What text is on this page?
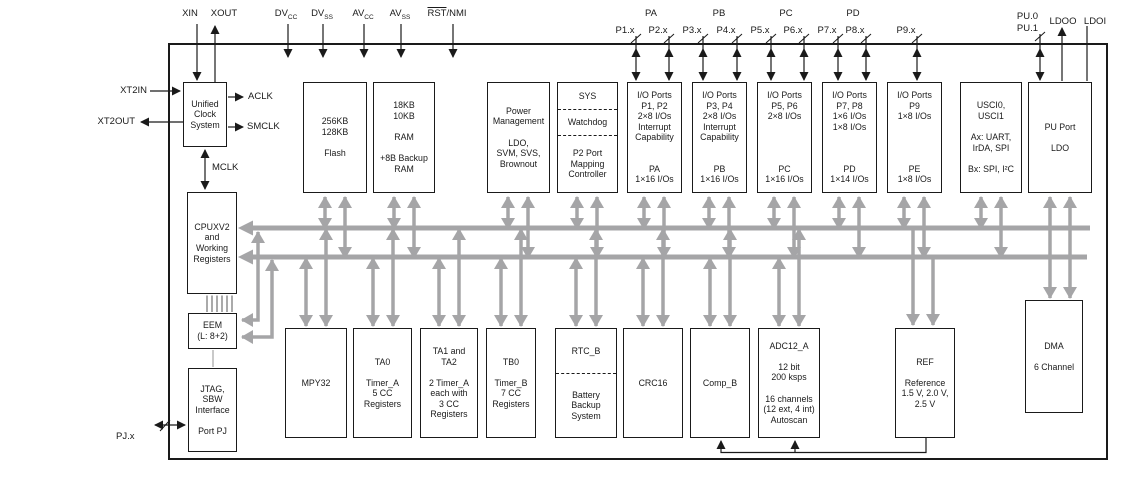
XIN XOUT	$DV_{CC}$ $DV_{SS}$ $AV_{CC}$ $AV_{SS}$ $\overline{RST}$/NMI	PA	PB	PC	PD
P1.x P2.x P3.x P4.x P5.x P6.x P7.x P8.x	P9.x
PU.0
PU.1
LDOO LDOI
XT2IN
XT2OUT
ACLK
SMCLK
MCLK
PJ.x
Unified
Clock
System	256KB
128KB

Flash
18KB
10KB

RAM

+8B Backup
RAM
Power
Management

LDO,
SVM, SVS,
Brownout
SYS
Watchdog
P2 Port
Mapping
Controller
I/O Ports
P1, P2
2×8 I/Os
Interrupt
Capability
PA
1×16 I/Os
I/O Ports
P3, P4
2×8 I/Os
Interrupt
Capability
PB
1×16 I/Os
I/O Ports
P5, P6
2×8 I/Os
PC
1×16 I/Os
I/O Ports
P7, P8
1×6 I/Os
1×8 I/Os
PD
1×14 I/Os
I/O Ports
P9
1×8 I/Os
PE
1×8 I/Os
USCI0,
USCI1

Ax: UART,
IrDA, SPI

Bx: SPI, I²C
PU Port

LDO
CPUXV2
and
Working
Registers
EEM
(L: 8+2)
JTAG,
SBW
Interface

Port PJ
MPY32
TA0

Timer_A
5 CC
Registers
TA1 and
TA2

2 Timer_A
each with
3 CC
Registers
TB0

Timer_B
7 CC
Registers
RTC_B
Battery
Backup
System
CRC16	Comp_B
ADC12_A

12 bit
200 ksps

16 channels
(12 ext, 4 int)
Autoscan
REF

Reference
1.5 V, 2.0 V,
2.5 V
DMA

6 Channel
